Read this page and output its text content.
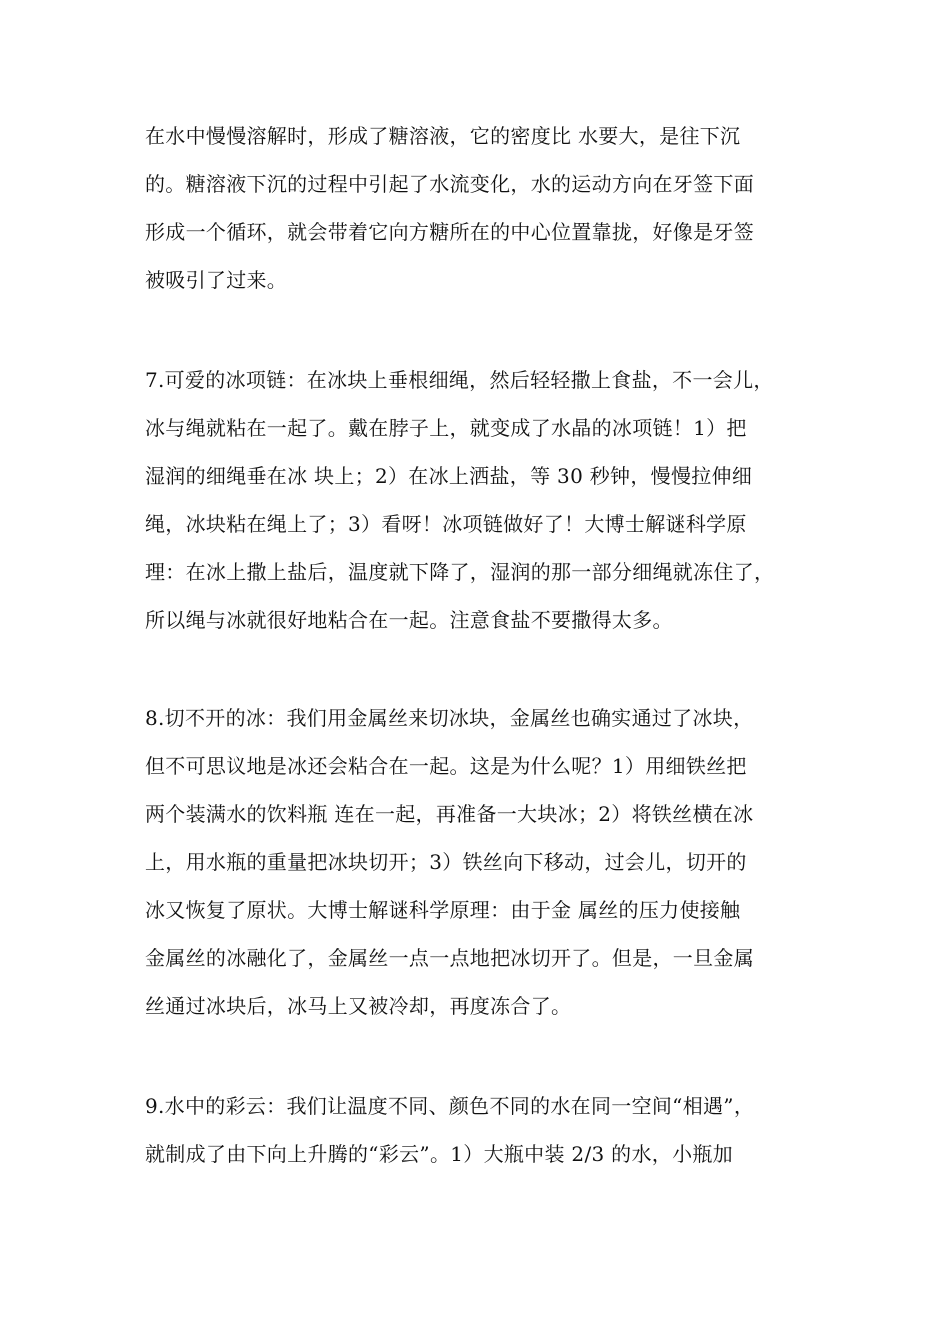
在水中慢慢溶解时，形成了糖溶液，它的密度比 水要大，是往下沉
的。糖溶液下沉的过程中引起了水流变化，水的运动方向在牙签下面
形成一个循环，就会带着它向方糖所在的中心位置靠拢，好像是牙签
被吸引了过来。

7.可爱的冰项链：在冰块上垂根细绳，然后轻轻撒上食盐，不一会儿，
冰与绳就粘在一起了。戴在脖子上，就变成了水晶的冰项链！1）把
湿润的细绳垂在冰 块上；2）在冰上洒盐，等 30 秒钟，慢慢拉伸细
绳，冰块粘在绳上了；3）看呀！冰项链做好了！大博士解谜科学原
理：在冰上撒上盐后，温度就下降了，湿润的那一部分细绳就冻住了，
所以绳与冰就很好地粘合在一起。注意食盐不要撒得太多。

8.切不开的冰：我们用金属丝来切冰块，金属丝也确实通过了冰块，
但不可思议地是冰还会粘合在一起。这是为什么呢？1）用细铁丝把
两个装满水的饮料瓶 连在一起，再准备一大块冰；2）将铁丝横在冰
上，用水瓶的重量把冰块切开；3）铁丝向下移动，过会儿，切开的
冰又恢复了原状。大博士解谜科学原理：由于金 属丝的压力使接触
金属丝的冰融化了，金属丝一点一点地把冰切开了。但是，一旦金属
丝通过冰块后，冰马上又被冷却，再度冻合了。

9.水中的彩云：我们让温度不同、颜色不同的水在同一空间“相遇”，
就制成了由下向上升腾的“彩云”。1）大瓶中装 2/3 的水，小瓶加
